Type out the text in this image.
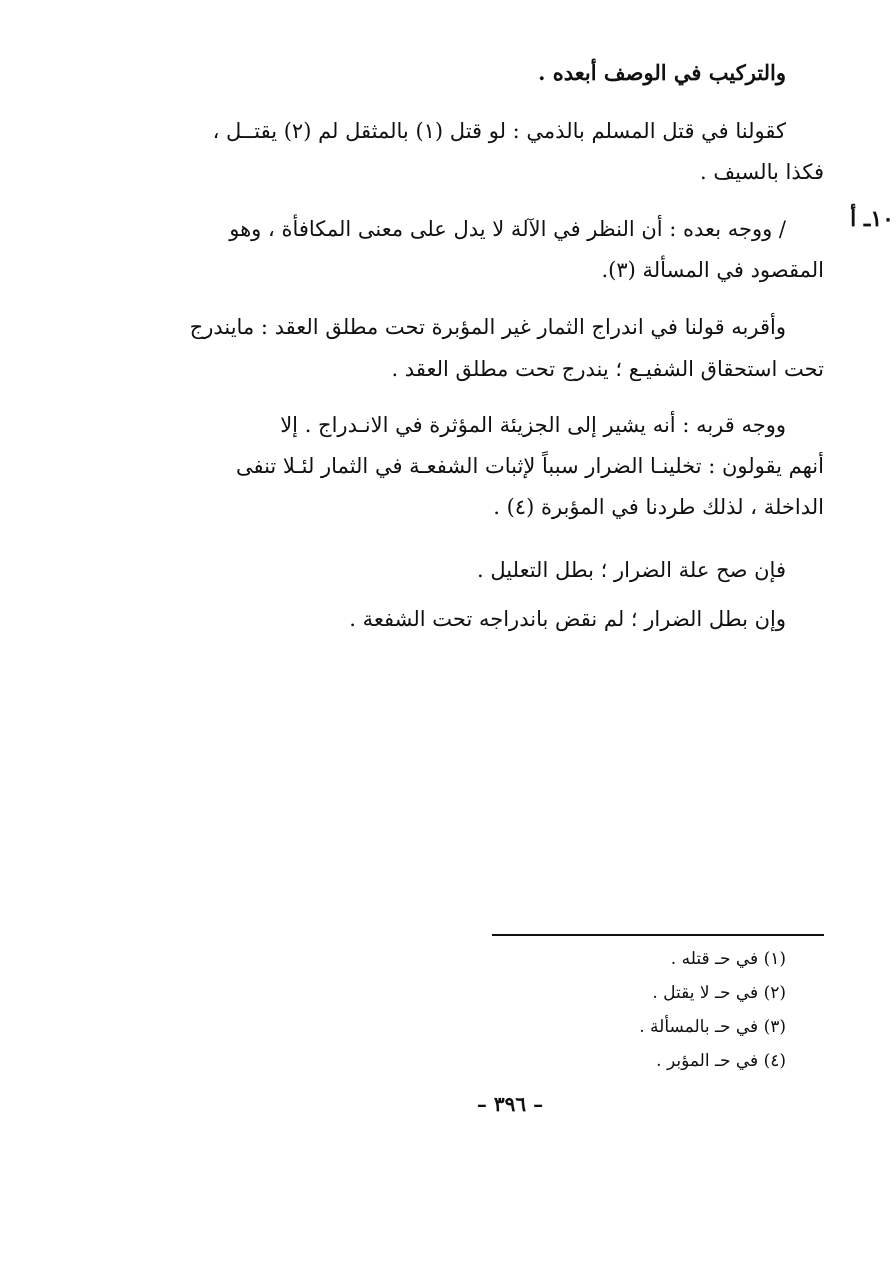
١٠ـ أ
والتركيب في الوصف أبعده .
كقولنا في قتل المسلم بالذمي : لو قتل (١) بالمثقل لم (٢) يقتــل ،
فكذا بالسيف .
/ ووجه بعده : أن النظر في الآلة لا يدل على معنى المكافأة ، وهو
المقصود في المسألة (٣).
وأقربه قولنا في اندراج الثمار غير المؤبرة تحت مطلق العقد : مايندرج
تحت استحقاق الشفيـع ؛ يندرج تحت مطلق العقد .
ووجه قربه : أنه يشير إلى الجزيئة المؤثرة في الانـدراج . إلا
أنهم يقولون : تخلينـا الضرار سبباً لإثبات الشفعـة في الثمار لئـلا تنفى
الداخلة ، لذلك طردنا في المؤبرة (٤) .
فإن صح علة الضرار ؛ بطل التعليل .
وإن بطل الضرار ؛ لم نقض باندراجه تحت الشفعة .
(١) في حـ قتله .
(٢) في حـ لا يقتل .
(٣) في حـ بالمسألة .
(٤) في حـ المؤبر .
– ٣٩٦ –
